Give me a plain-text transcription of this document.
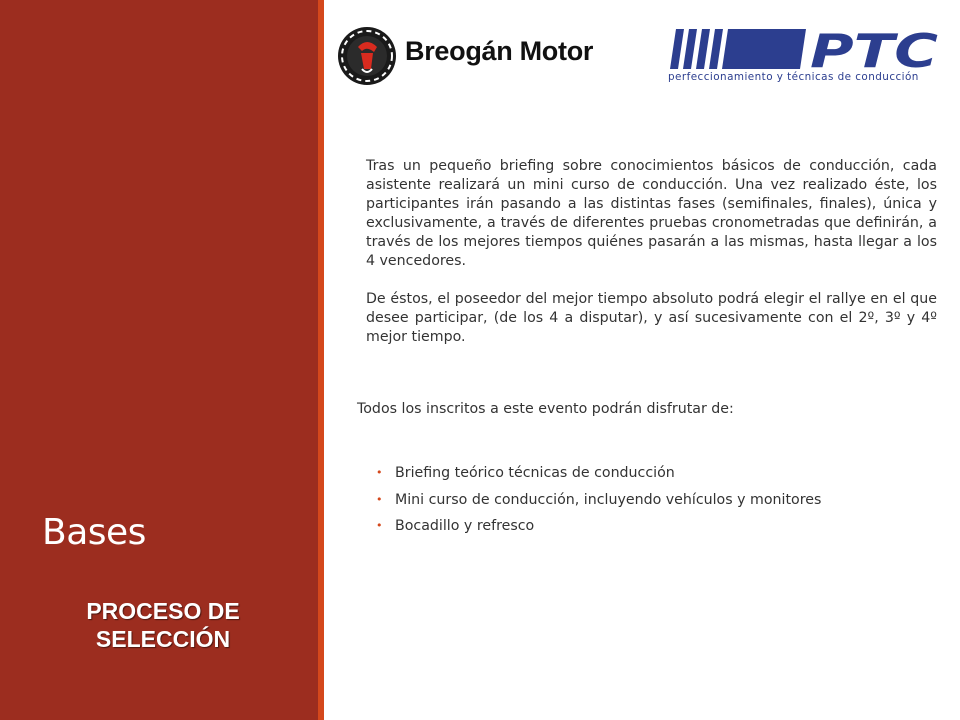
Bases
PROCESO DE SELECCIÓN
Breogán Motor	PTC
perfeccionamiento y técnicas de conducción

Tras un pequeño briefing sobre conocimientos básicos de conducción, cada asistente realizará un mini curso de conducción. Una vez realizado éste, los participantes irán pasando a las distintas fases (semifinales, finales), única y exclusivamente, a través de diferentes pruebas cronometradas que definirán, a través de los mejores tiempos quiénes pasarán a las mismas, hasta llegar a los 4 vencedores.

De éstos, el poseedor del mejor tiempo absoluto podrá elegir el rallye en el que desee participar, (de los 4 a disputar), y así sucesivamente con el 2º, 3º y 4º mejor tiempo.

Todos los inscritos a este evento podrán disfrutar de:
• Briefing teórico técnicas de conducción
• Mini curso de conducción, incluyendo vehículos y monitores
• Bocadillo y refresco
